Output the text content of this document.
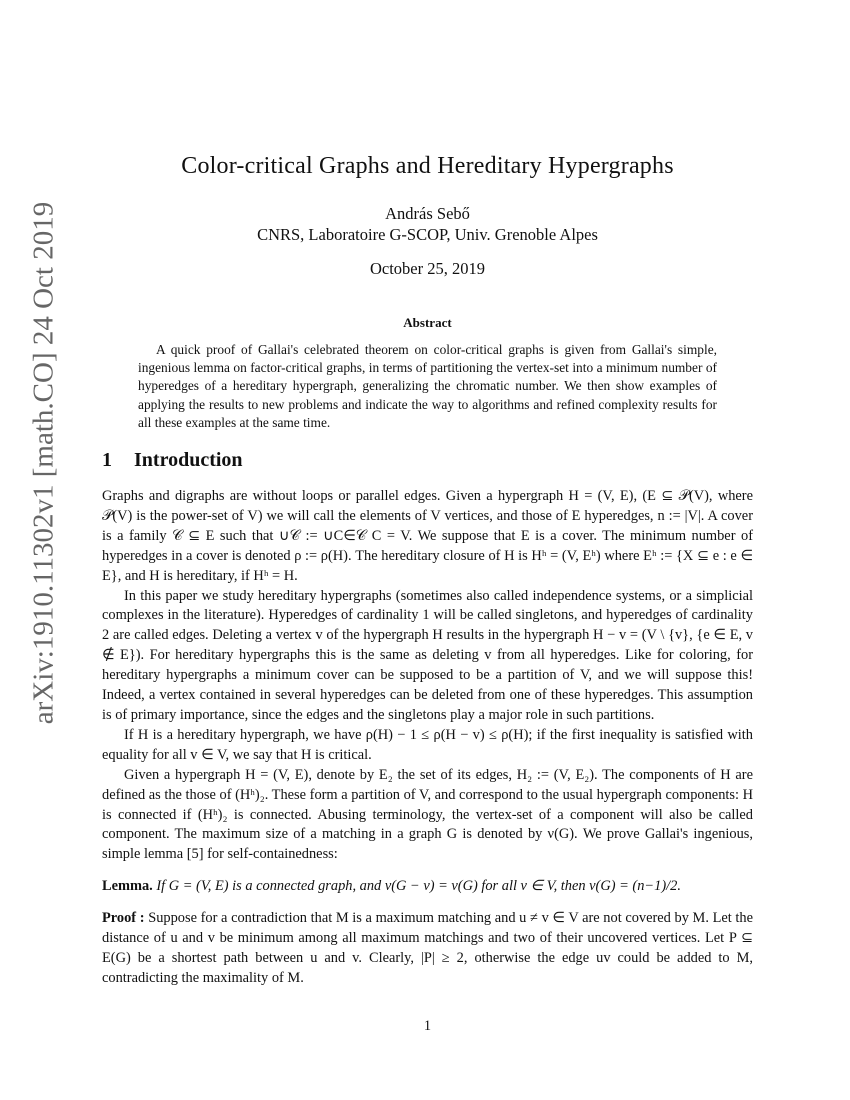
arXiv:1910.11302v1 [math.CO] 24 Oct 2019
Color-critical Graphs and Hereditary Hypergraphs
András Sebő
CNRS, Laboratoire G-SCOP, Univ. Grenoble Alpes
October 25, 2019
Abstract
A quick proof of Gallai's celebrated theorem on color-critical graphs is given from Gallai's simple, ingenious lemma on factor-critical graphs, in terms of partitioning the vertex-set into a minimum number of hyperedges of a hereditary hypergraph, generalizing the chromatic number. We then show examples of applying the results to new problems and indicate the way to algorithms and refined complexity results for all these examples at the same time.
1 Introduction

Graphs and digraphs are without loops or parallel edges. Given a hypergraph H = (V, E), (E ⊆ 𝒫(V), where 𝒫(V) is the power-set of V) we will call the elements of V vertices, and those of E hyperedges, n := |V|. A cover is a family 𝒞 ⊆ E such that ∪𝒞 := ∪C∈𝒞 C = V. We suppose that E is a cover. The minimum number of hyperedges in a cover is denoted ρ := ρ(H). The hereditary closure of H is Hʰ = (V, Eʰ) where Eʰ := {X ⊆ e : e ∈ E}, and H is hereditary, if Hʰ = H.

In this paper we study hereditary hypergraphs (sometimes also called independence systems, or a simplicial complexes in the literature). Hyperedges of cardinality 1 will be called singletons, and hyperedges of cardinality 2 are called edges. Deleting a vertex v of the hypergraph H results in the hypergraph H − v = (V \ {v}, {e ∈ E, v ∉ E}). For hereditary hypergraphs this is the same as deleting v from all hyperedges. Like for coloring, for hereditary hypergraphs a minimum cover can be supposed to be a partition of V, and we will suppose this! Indeed, a vertex contained in several hyperedges can be deleted from one of these hyperedges. This assumption is of primary importance, since the edges and the singletons play a major role in such partitions.

If H is a hereditary hypergraph, we have ρ(H) − 1 ≤ ρ(H − v) ≤ ρ(H); if the first inequality is satisfied with equality for all v ∈ V, we say that H is critical.

Given a hypergraph H = (V, E), denote by E₂ the set of its edges, H₂ := (V, E₂). The components of H are defined as the those of (Hʰ)₂. These form a partition of V, and correspond to the usual hypergraph components: H is connected if (Hʰ)₂ is connected. Abusing terminology, the vertex-set of a component will also be called component. The maximum size of a matching in a graph G is denoted by ν(G). We prove Gallai's ingenious, simple lemma [5] for self-containedness:

Lemma. If G = (V, E) is a connected graph, and ν(G − v) = ν(G) for all v ∈ V, then ν(G) = (n−1)/2.

Proof : Suppose for a contradiction that M is a maximum matching and u ≠ v ∈ V are not covered by M. Let the distance of u and v be minimum among all maximum matchings and two of their uncovered vertices. Let P ⊆ E(G) be a shortest path between u and v. Clearly, |P| ≥ 2, otherwise the edge uv could be added to M, contradicting the maximality of M.

1
